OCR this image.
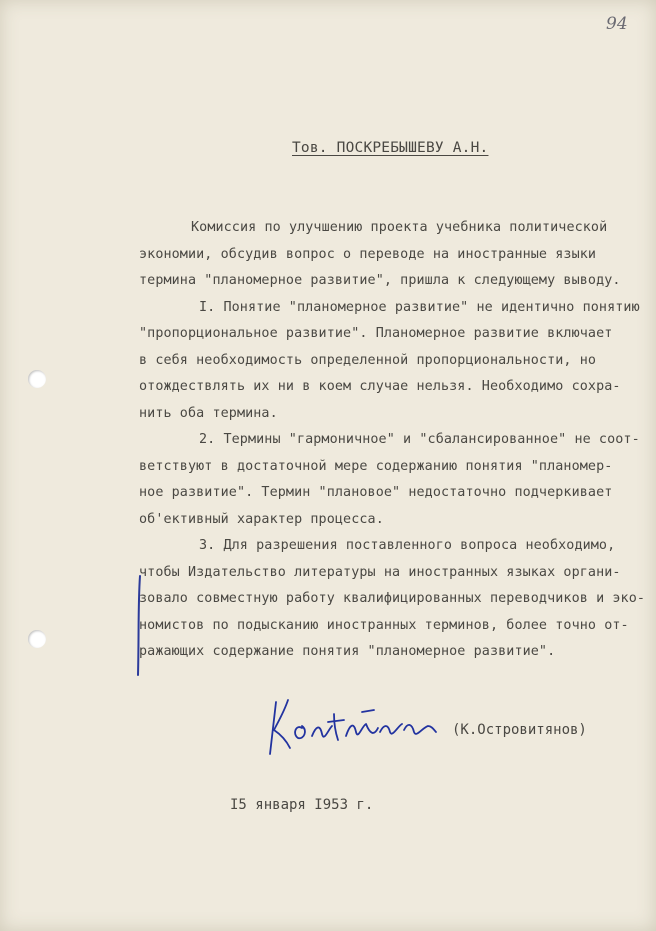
94
Тов. ПОСКРЕБЫШЕВУ А.Н.
Комиссия по улучшению проекта учебника политической
экономии, обсудив вопрос о переводе на иностранные языки
термина "планомерное развитие", пришла к следующему выводу.
I. Понятие "планомерное развитие" не идентично понятию
"пропорциональное развитие". Планомерное развитие включает
в себя необходимость определенной пропорциональности, но
отождествлять их ни в коем случае нельзя. Необходимо сохра-
нить оба термина.
2. Термины "гармоничное" и "сбалансированное" не соот-
ветствуют в достаточной мере содержанию понятия "планомер-
ное развитие". Термин "плановое" недостаточно подчеркивает
об'ективный характер процесса.
3. Для разрешения поставленного вопроса необходимо,
чтобы Издательство литературы на иностранных языках органи-
зовало совместную работу квалифицированных переводчиков и эко-
номистов по подысканию иностранных терминов, более точно от-
ражающих содержание понятия "планомерное развитие".
(К.Островитянов)
I5 января I953 г.
